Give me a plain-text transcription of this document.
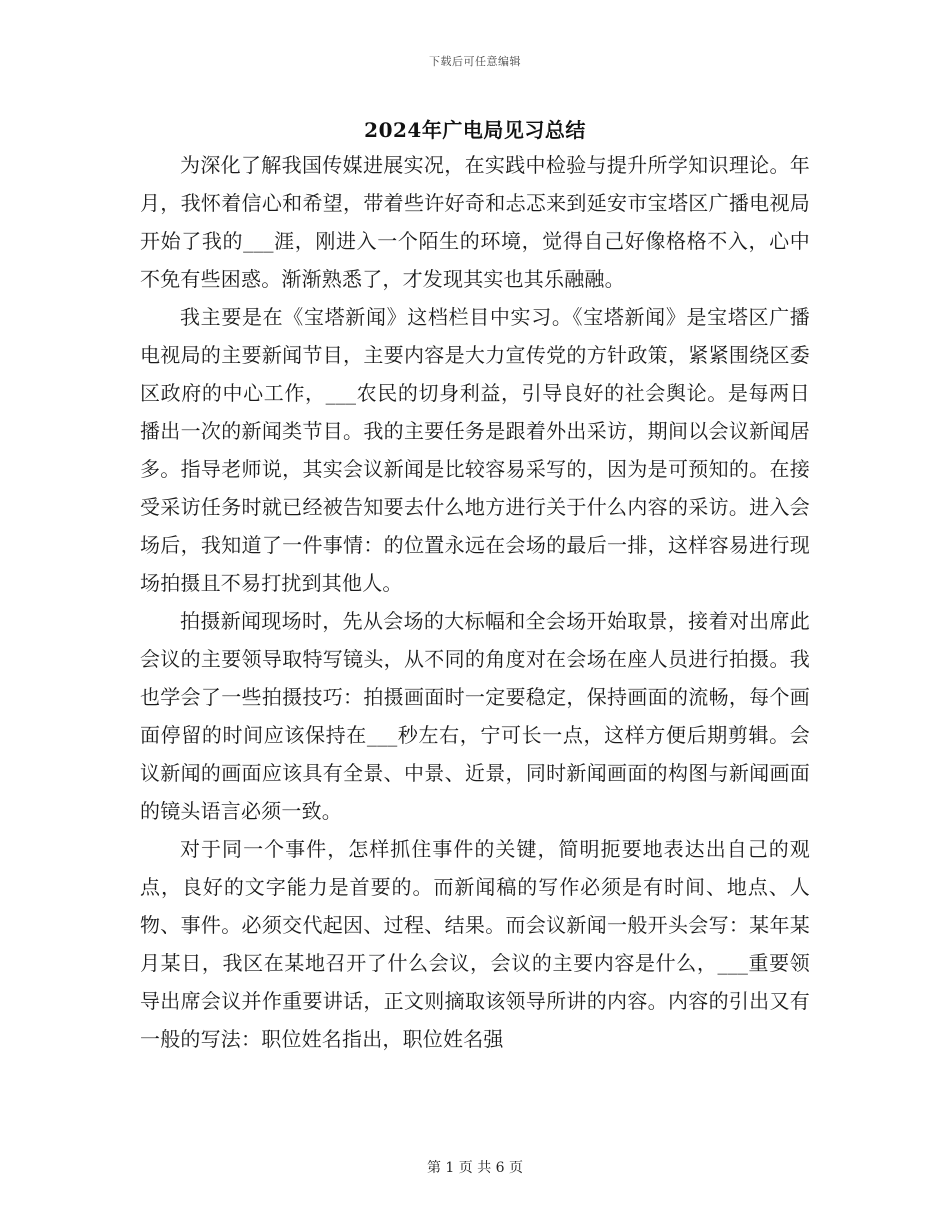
下载后可任意编辑
2024年广电局见习总结

为深化了解我国传媒进展实况，在实践中检验与提升所学知识理论。年月，我怀着信心和希望，带着些许好奇和忐忑来到延安市宝塔区广播电视局开始了我的___涯，刚进入一个陌生的环境，觉得自己好像格格不入，心中不免有些困惑。渐渐熟悉了，才发现其实也其乐融融。

我主要是在《宝塔新闻》这档栏目中实习。《宝塔新闻》是宝塔区广播电视局的主要新闻节目，主要内容是大力宣传党的方针政策，紧紧围绕区委区政府的中心工作，___农民的切身利益，引导良好的社会舆论。是每两日播出一次的新闻类节目。我的主要任务是跟着外出采访，期间以会议新闻居多。指导老师说，其实会议新闻是比较容易采写的，因为是可预知的。在接受采访任务时就已经被告知要去什么地方进行关于什么内容的采访。进入会场后，我知道了一件事情：的位置永远在会场的最后一排，这样容易进行现场拍摄且不易打扰到其他人。

拍摄新闻现场时，先从会场的大标幅和全会场开始取景，接着对出席此会议的主要领导取特写镜头，从不同的角度对在会场在座人员进行拍摄。我也学会了一些拍摄技巧：拍摄画面时一定要稳定，保持画面的流畅，每个画面停留的时间应该保持在___秒左右，宁可长一点，这样方便后期剪辑。会议新闻的画面应该具有全景、中景、近景，同时新闻画面的构图与新闻画面的镜头语言必须一致。

对于同一个事件，怎样抓住事件的关键，简明扼要地表达出自己的观点，良好的文字能力是首要的。而新闻稿的写作必须是有时间、地点、人物、事件。必须交代起因、过程、结果。而会议新闻一般开头会写：某年某月某日，我区在某地召开了什么会议，会议的主要内容是什么，___重要领导出席会议并作重要讲话，正文则摘取该领导所讲的内容。内容的引出又有一般的写法：职位姓名指出，职位姓名强

第 1 页 共 6 页
